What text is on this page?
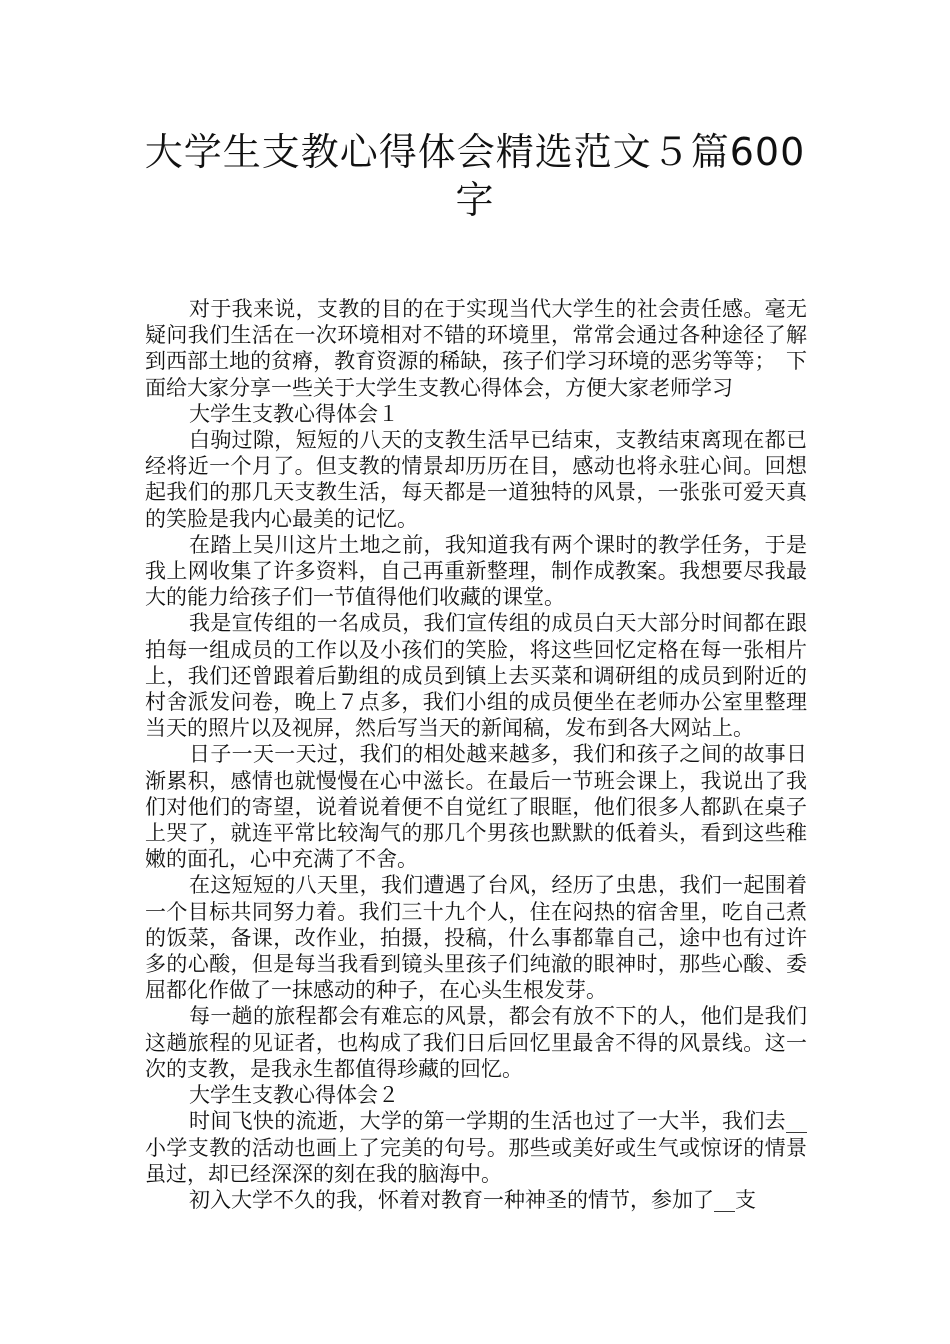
大学生支教心得体会精选范文５篇600字

对于我来说，支教的目的在于实现当代大学生的社会责任感。毫无疑问我们生活在一次环境相对不错的环境里，常常会通过各种途径了解到西部土地的贫瘠，教育资源的稀缺，孩子们学习环境的恶劣等等；　下面给大家分享一些关于大学生支教心得体会，方便大家老师学习

大学生支教心得体会１

白驹过隙，短短的八天的支教生活早已结束，支教结束离现在都已经将近一个月了。但支教的情景却历历在目，感动也将永驻心间。回想起我们的那几天支教生活，每天都是一道独特的风景，一张张可爱天真的笑脸是我内心最美的记忆。

在踏上吴川这片土地之前，我知道我有两个课时的教学任务，于是我上网收集了许多资料，自己再重新整理，制作成教案。我想要尽我最大的能力给孩子们一节值得他们收藏的课堂。

我是宣传组的一名成员，我们宣传组的成员白天大部分时间都在跟拍每一组成员的工作以及小孩们的笑脸，将这些回忆定格在每一张相片上，我们还曾跟着后勤组的成员到镇上去买菜和调研组的成员到附近的村舍派发问卷，晚上７点多，我们小组的成员便坐在老师办公室里整理当天的照片以及视屏，然后写当天的新闻稿，发布到各大网站上。

日子一天一天过，我们的相处越来越多，我们和孩子之间的故事日渐累积，感情也就慢慢在心中滋长。在最后一节班会课上，我说出了我们对他们的寄望，说着说着便不自觉红了眼眶，他们很多人都趴在桌子上哭了，就连平常比较淘气的那几个男孩也默默的低着头，看到这些稚嫩的面孔，心中充满了不舍。

在这短短的八天里，我们遭遇了台风，经历了虫患，我们一起围着一个目标共同努力着。我们三十九个人，住在闷热的宿舍里，吃自己煮的饭菜，备课，改作业，拍摄，投稿，什么事都靠自己，途中也有过许多的心酸，但是每当我看到镜头里孩子们纯澈的眼神时，那些心酸、委屈都化作做了一抹感动的种子，在心头生根发芽。

每一趟的旅程都会有难忘的风景，都会有放不下的人，他们是我们这趟旅程的见证者，也构成了我们日后回忆里最舍不得的风景线。这一次的支教，是我永生都值得珍藏的回忆。

大学生支教心得体会２

时间飞快的流逝，大学的第一学期的生活也过了一大半，我们去__小学支教的活动也画上了完美的句号。那些或美好或生气或惊讶的情景虽过，却已经深深的刻在我的脑海中。

初入大学不久的我，怀着对教育一种神圣的情节，参加了__支
